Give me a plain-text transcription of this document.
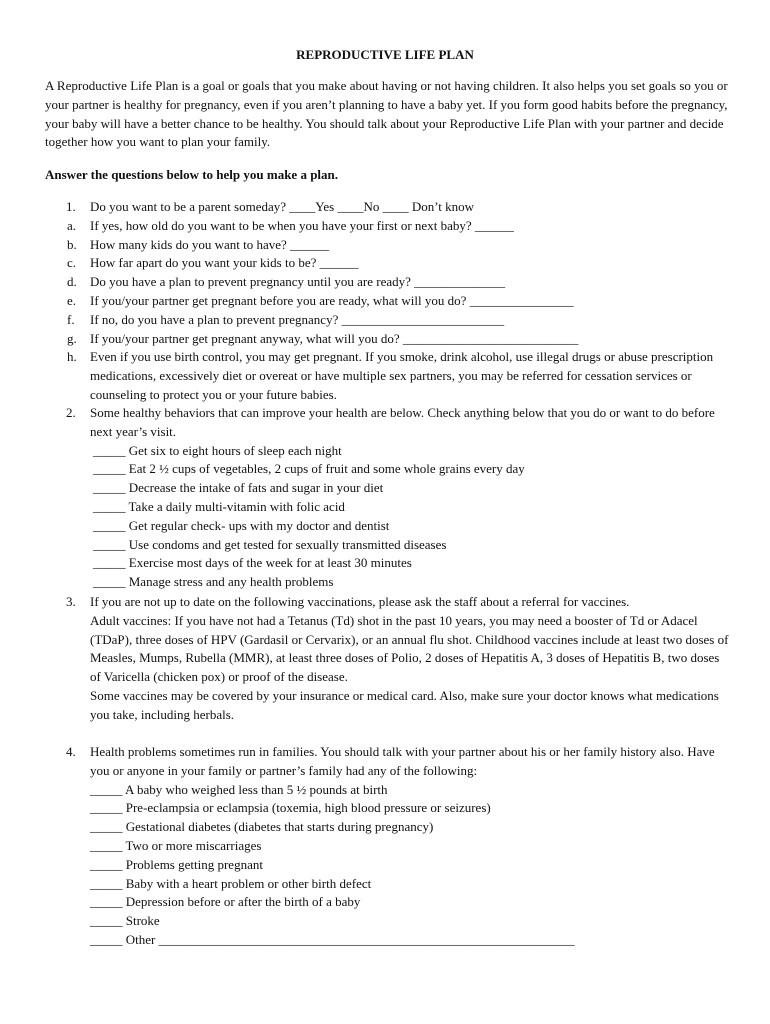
REPRODUCTIVE LIFE PLAN
A Reproductive Life Plan is a goal or goals that you make about having or not having children. It also helps you set goals so you or your partner is healthy for pregnancy, even if you aren’t planning to have a baby yet. If you form good habits before the pregnancy, your baby will have a better chance to be healthy. You should talk about your Reproductive Life Plan with your partner and decide together how you want to plan your family.
Answer the questions below to help you make a plan.
1. Do you want to be a parent someday? ____Yes ____No ____ Don’t know
a. If yes, how old do you want to be when you have your first or next baby? ______
b. How many kids do you want to have? ______
c. How far apart do you want your kids to be? ______
d. Do you have a plan to prevent pregnancy until you are ready? ______________
e. If you/your partner get pregnant before you are ready, what will you do? ________________
f. If no, do you have a plan to prevent pregnancy? _________________________
g. If you/your partner get pregnant anyway, what will you do? ___________________________
h. Even if you use birth control, you may get pregnant. If you smoke, drink alcohol, use illegal drugs or abuse prescription medications, excessively diet or overeat or have multiple sex partners, you may be referred for cessation services or counseling to protect you or your future babies.
2. Some healthy behaviors that can improve your health are below. Check anything below that you do or want to do before next year’s visit.
_____ Get six to eight hours of sleep each night
_____ Eat 2 ½ cups of vegetables, 2 cups of fruit and some whole grains every day
_____ Decrease the intake of fats and sugar in your diet
_____ Take a daily multi-vitamin with folic acid
_____ Get regular check- ups with my doctor and dentist
_____ Use condoms and get tested for sexually transmitted diseases
_____ Exercise most days of the week for at least 30 minutes
_____ Manage stress and any health problems
3. If you are not up to date on the following vaccinations, please ask the staff about a referral for vaccines.
Adult vaccines: If you have not had a Tetanus (Td) shot in the past 10 years, you may need a booster of Td or Adacel (TDaP), three doses of HPV (Gardasil or Cervarix), or an annual flu shot. Childhood vaccines include at least two doses of Measles, Mumps, Rubella (MMR), at least three doses of Polio, 2 doses of Hepatitis A, 3 doses of Hepatitis B, two doses of Varicella (chicken pox) or proof of the disease.
Some vaccines may be covered by your insurance or medical card. Also, make sure your doctor knows what medications you take, including herbals.
4. Health problems sometimes run in families. You should talk with your partner about his or her family history also. Have you or anyone in your family or partner’s family had any of the following:
_____ A baby who weighed less than 5 ½ pounds at birth
_____ Pre-eclampsia or eclampsia (toxemia, high blood pressure or seizures)
_____ Gestational diabetes (diabetes that starts during pregnancy)
_____ Two or more miscarriages
_____ Problems getting pregnant
_____ Baby with a heart problem or other birth defect
_____ Depression before or after the birth of a baby
_____ Stroke
_____ Other ________________________________________________________________
